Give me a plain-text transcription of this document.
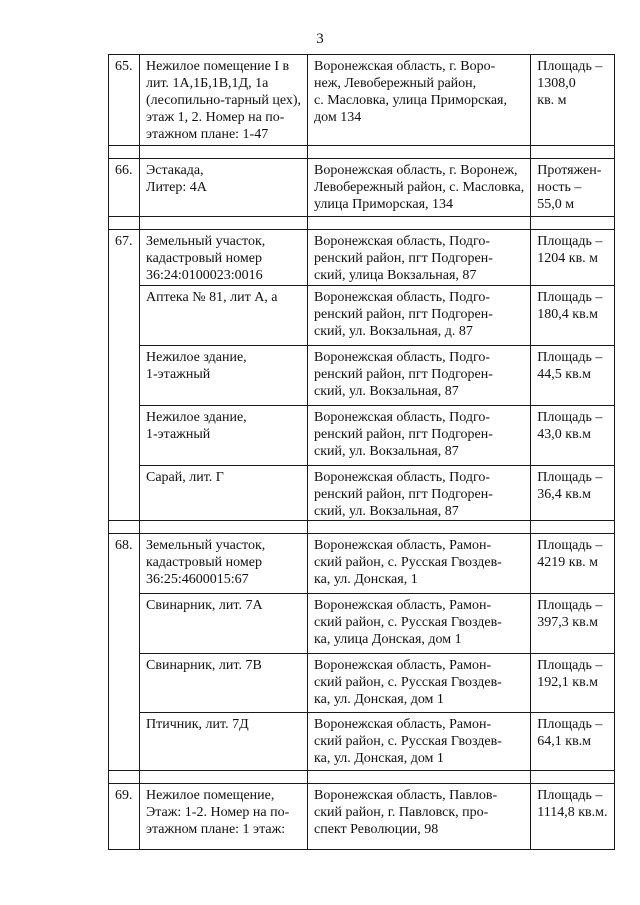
3
65.	Нежилое помещение I в
лит. 1А,1Б,1В,1Д, 1а
(лесопильно-тарный цех),
этаж 1, 2. Номер на по-
этажном плане: 1-47	Воронежская область, г. Воро-
неж, Левобережный район,
с. Масловка, улица Приморская,
дом 134	Площадь –
1308,0
кв. м

66.	Эстакада,
Литер: 4А	Воронежская область, г. Воронеж,
Левобережный район, с. Масловка,
улица Приморская, 134	Протяжен-
ность –
55,0 м

67.	Земельный участок,
кадастровый номер
36:24:0100023:0016	Воронежская область, Подго-
ренский район, пгт Подгорен-
ский, улица Вокзальная, 87	Площадь –
1204 кв. м

	Аптека № 81, лит А, а	Воронежская область, Подго-
ренский район, пгт Подгорен-
ский, ул. Вокзальная, д. 87	Площадь –
180,4 кв.м

	Нежилое здание,
1-этажный	Воронежская область, Подго-
ренский район, пгт Подгорен-
ский, ул. Вокзальная, 87	Площадь –
44,5 кв.м

	Нежилое здание,
1-этажный	Воронежская область, Подго-
ренский район, пгт Подгорен-
ский, ул. Вокзальная, 87	Площадь –
43,0 кв.м

	Сарай, лит. Г	Воронежская область, Подго-
ренский район, пгт Подгорен-
ский, ул. Вокзальная, 87	Площадь –
36,4 кв.м

68.	Земельный участок,
кадастровый номер
36:25:4600015:67	Воронежская область, Рамон-
ский район, с. Русская Гвоздев-
ка, ул. Донская, 1	Площадь –
4219 кв. м

	Свинарник, лит. 7А	Воронежская область, Рамон-
ский район, с. Русская Гвоздев-
ка, улица Донская, дом 1	Площадь –
397,3 кв.м

	Свинарник, лит. 7В	Воронежская область, Рамон-
ский район, с. Русская Гвоздев-
ка, ул. Донская, дом 1	Площадь –
192,1 кв.м

	Птичник, лит. 7Д	Воронежская область, Рамон-
ский район, с. Русская Гвоздев-
ка, ул. Донская, дом 1	Площадь –
64,1 кв.м

69.	Нежилое помещение,
Этаж: 1-2. Номер на по-
этажном плане: 1 этаж:	Воронежская область, Павлов-
ский район, г. Павловск, про-
спект Революции, 98	Площадь –
1114,8 кв.м.
